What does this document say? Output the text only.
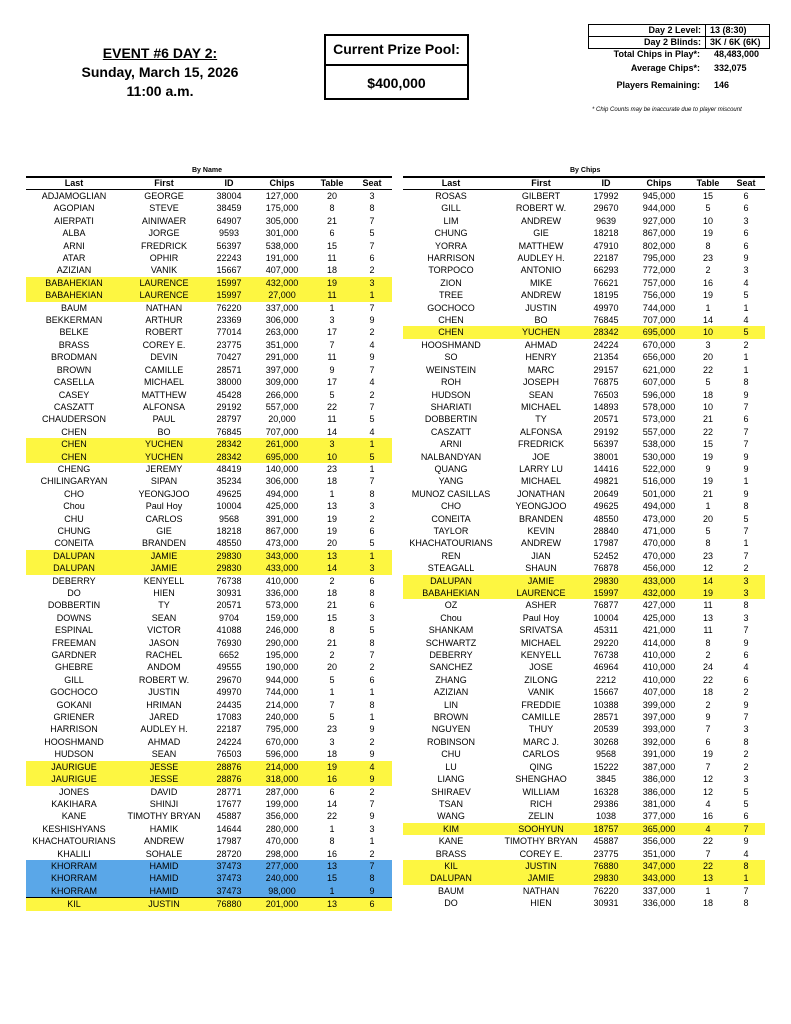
EVENT #6 DAY 2:
Sunday, March 15, 2026
11:00 a.m.
Current Prize Pool:
$400,000
Day 2 Level:	13 (8:30)
Day 2 Blinds:	3K / 6K (6K)
Total Chips in Play*:	48,483,000
Average Chips*:	332,075
Players Remaining:	146
* Chip Counts may be inaccurate due to player miscount
By Name	By Chips
Last	First	ID	Chips	Table	Seat
ADJAMOGLIAN	GEORGE	38004	127,000	20	3
AGOPIAN	STEVE	38459	175,000	8	8
AIERPATI	AINIWAER	64907	305,000	21	7
ALBA	JORGE	9593	301,000	6	5
ARNI	FREDRICK	56397	538,000	15	7
ATAR	OPHIR	22243	191,000	11	6
AZIZIAN	VANIK	15667	407,000	18	2
BABAHEKIAN	LAURENCE	15997	432,000	19	3
BABAHEKIAN	LAURENCE	15997	27,000	11	1
BAUM	NATHAN	76220	337,000	1	7
BEKKERMAN	ARTHUR	23369	306,000	3	9
BELKE	ROBERT	77014	263,000	17	2
BRASS	COREY E.	23775	351,000	7	4
BRODMAN	DEVIN	70427	291,000	11	9
BROWN	CAMILLE	28571	397,000	9	7
CASELLA	MICHAEL	38000	309,000	17	4
CASEY	MATTHEW	45428	266,000	5	2
CASZATT	ALFONSA	29192	557,000	22	7
CHAUDERSON	PAUL	28797	20,000	11	5
CHEN	BO	76845	707,000	14	4
CHEN	YUCHEN	28342	261,000	3	1
CHEN	YUCHEN	28342	695,000	10	5
CHENG	JEREMY	48419	140,000	23	1
CHILINGARYAN	SIPAN	35234	306,000	18	7
CHO	YEONGJOO	49625	494,000	1	8
Chou	Paul Hoy	10004	425,000	13	3
CHU	CARLOS	9568	391,000	19	2
CHUNG	GIE	18218	867,000	19	6
CONEITA	BRANDEN	48550	473,000	20	5
DALUPAN	JAMIE	29830	343,000	13	1
DALUPAN	JAMIE	29830	433,000	14	3
DEBERRY	KENYELL	76738	410,000	2	6
DO	HIEN	30931	336,000	18	8
DOBBERTIN	TY	20571	573,000	21	6
DOWNS	SEAN	9704	159,000	15	3
ESPINAL	VICTOR	41088	246,000	8	5
FREEMAN	JASON	76930	290,000	21	8
GARDNER	RACHEL	6652	195,000	2	7
GHEBRE	ANDOM	49555	190,000	20	2
GILL	ROBERT W.	29670	944,000	5	6
GOCHOCO	JUSTIN	49970	744,000	1	1
GOKANI	HRIMAN	24435	214,000	7	8
GRIENER	JARED	17083	240,000	5	1
HARRISON	AUDLEY H.	22187	795,000	23	9
HOOSHMAND	AHMAD	24224	670,000	3	2
HUDSON	SEAN	76503	596,000	18	9
JAURIGUE	JESSE	28876	214,000	19	4
JAURIGUE	JESSE	28876	318,000	16	9
JONES	DAVID	28771	287,000	6	2
KAKIHARA	SHINJI	17677	199,000	14	7
KANE	TIMOTHY BRYAN	45887	356,000	22	9
KESHISHYANS	HAMIK	14644	280,000	1	3
KHACHATOURIANS	ANDREW	17987	470,000	8	1
KHALILI	SOHALE	28720	298,000	16	2
KHORRAM	HAMID	37473	277,000	13	7
KHORRAM	HAMID	37473	240,000	15	8
KHORRAM	HAMID	37473	98,000	1	9
KIL	JUSTIN	76880	201,000	13	6
Last	First	ID	Chips	Table	Seat
ROSAS	GILBERT	17992	945,000	15	6
GILL	ROBERT W.	29670	944,000	5	6
LIM	ANDREW	9639	927,000	10	3
CHUNG	GIE	18218	867,000	19	6
YORRA	MATTHEW	47910	802,000	8	6
HARRISON	AUDLEY H.	22187	795,000	23	9
TORPOCO	ANTONIO	66293	772,000	2	3
ZION	MIKE	76621	757,000	16	4
TREE	ANDREW	18195	756,000	19	5
GOCHOCO	JUSTIN	49970	744,000	1	1
CHEN	BO	76845	707,000	14	4
CHEN	YUCHEN	28342	695,000	10	5
HOOSHMAND	AHMAD	24224	670,000	3	2
SO	HENRY	21354	656,000	20	1
WEINSTEIN	MARC	29157	621,000	22	1
ROH	JOSEPH	76875	607,000	5	8
HUDSON	SEAN	76503	596,000	18	9
SHARIATI	MICHAEL	14893	578,000	10	7
DOBBERTIN	TY	20571	573,000	21	6
CASZATT	ALFONSA	29192	557,000	22	7
ARNI	FREDRICK	56397	538,000	15	7
NALBANDYAN	JOE	38001	530,000	19	9
QUANG	LARRY LU	14416	522,000	9	9
YANG	MICHAEL	49821	516,000	19	1
MUNOZ CASILLAS	JONATHAN	20649	501,000	21	9
CHO	YEONGJOO	49625	494,000	1	8
CONEITA	BRANDEN	48550	473,000	20	5
TAYLOR	KEVIN	28840	471,000	5	7
KHACHATOURIANS	ANDREW	17987	470,000	8	1
REN	JIAN	52452	470,000	23	7
STEAGALL	SHAUN	76878	456,000	12	2
DALUPAN	JAMIE	29830	433,000	14	3
BABAHEKIAN	LAURENCE	15997	432,000	19	3
OZ	ASHER	76877	427,000	11	8
Chou	Paul Hoy	10004	425,000	13	3
SHANKAM	SRIVATSA	45311	421,000	11	7
SCHWARTZ	MICHAEL	29220	414,000	8	9
DEBERRY	KENYELL	76738	410,000	2	6
SANCHEZ	JOSE	46964	410,000	24	4
ZHANG	ZILONG	2212	410,000	22	6
AZIZIAN	VANIK	15667	407,000	18	2
LIN	FREDDIE	10388	399,000	2	9
BROWN	CAMILLE	28571	397,000	9	7
NGUYEN	THUY	20539	393,000	7	3
ROBINSON	MARC J.	30268	392,000	6	8
CHU	CARLOS	9568	391,000	19	2
LU	QING	15222	387,000	7	2
LIANG	SHENGHAO	3845	386,000	12	3
SHIRAEV	WILLIAM	16328	386,000	12	5
TSAN	RICH	29386	381,000	4	5
WANG	ZELIN	1038	377,000	16	6
KIM	SOOHYUN	18757	365,000	4	7
KANE	TIMOTHY BRYAN	45887	356,000	22	9
BRASS	COREY E.	23775	351,000	7	4
KIL	JUSTIN	76880	347,000	22	8
DALUPAN	JAMIE	29830	343,000	13	1
BAUM	NATHAN	76220	337,000	1	7
DO	HIEN	30931	336,000	18	8
